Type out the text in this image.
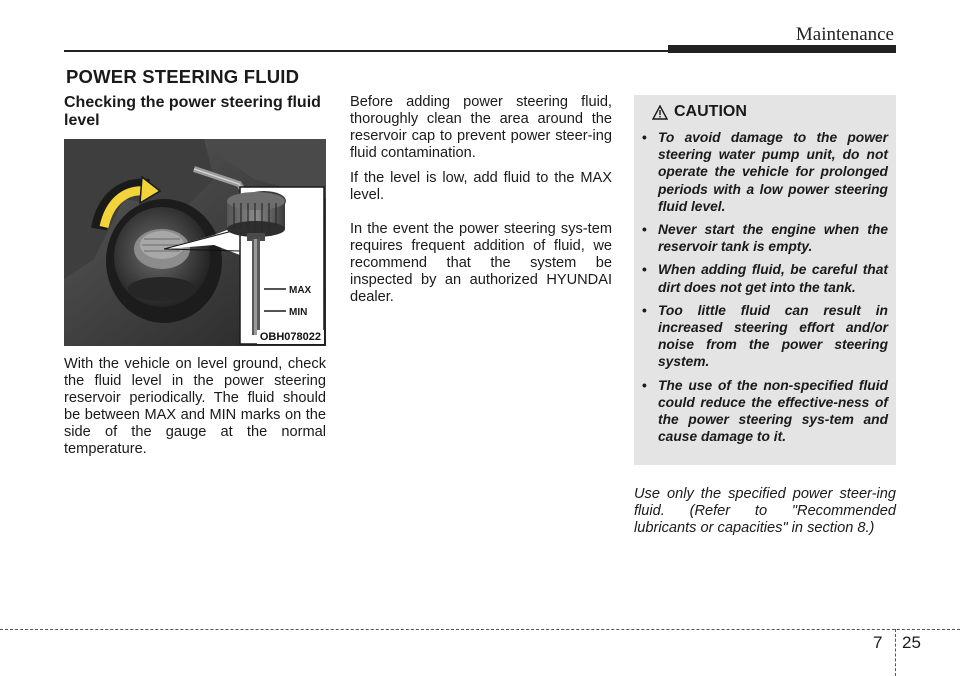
Maintenance
POWER STEERING FLUID
Checking the power steering fluid level
MAX
MIN
OBH078022

With the vehicle on level ground, check the fluid level in the power steering reservoir periodically. The fluid should be between MAX and MIN marks on the side of the gauge at the normal temperature.

Before adding power steering fluid, thoroughly clean the area around the reservoir cap to prevent power steer-ing fluid contamination.

If the level is low, add fluid to the MAX level.

In the event the power steering sys-tem requires frequent addition of fluid, we recommend that the system be inspected by an authorized HYUNDAI dealer.

CAUTION
• To avoid damage to the power steering water pump unit, do not operate the vehicle for prolonged periods with a low power steering fluid level.
• Never start the engine when the reservoir tank is empty.
• When adding fluid, be careful that dirt does not get into the tank.
• Too little fluid can result in increased steering effort and/or noise from the power steering system.
• The use of the non-specified fluid could reduce the effective-ness of the power steering sys-tem and cause damage to it.
Use only the specified power steer-ing fluid. (Refer to "Recommended lubricants or capacities" in section 8.)
7 25
